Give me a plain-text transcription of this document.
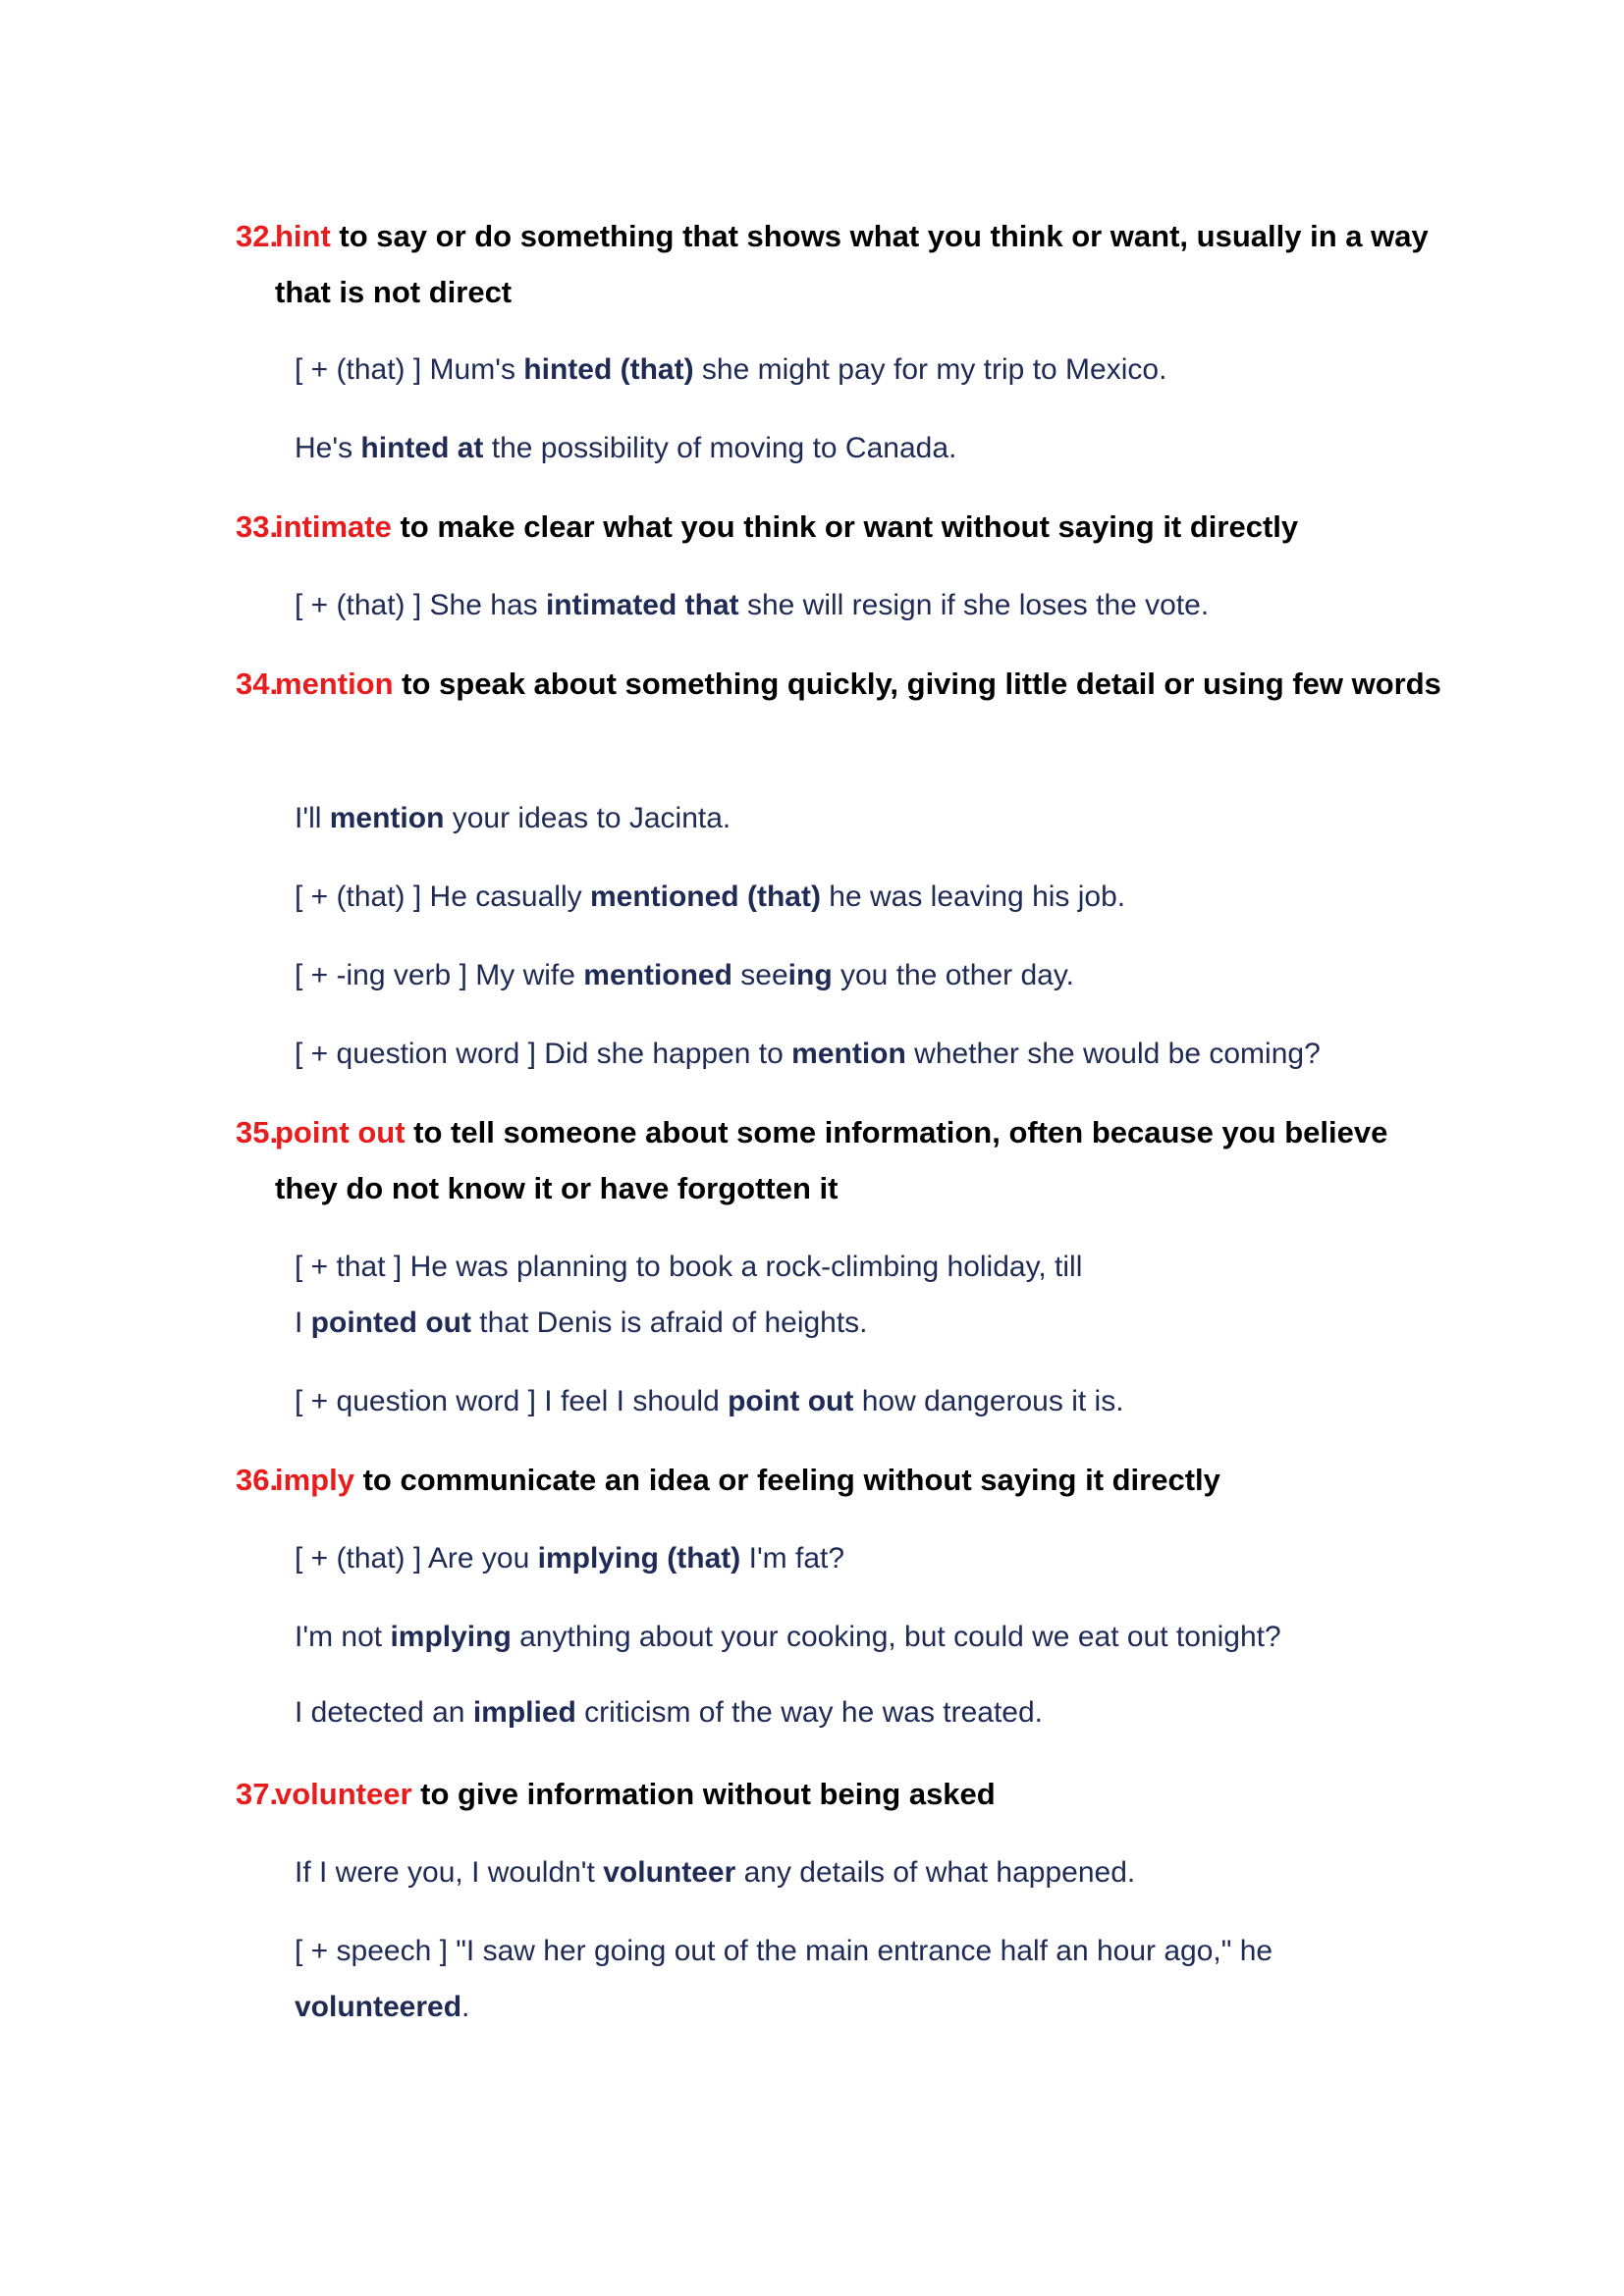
32.
hint to say or do something that shows what you think or want, usually in a way that is not direct
[ + (that) ] Mum's hinted (that) she might pay for my trip to Mexico.
He's hinted at the possibility of moving to Canada.
33.
intimate to make clear what you think or want without saying it directly
[ + (that) ] She has intimated that she will resign if she loses the vote.
34.
mention to speak about something quickly, giving little detail or using few words
I'll mention your ideas to Jacinta.
[ + (that) ] He casually mentioned (that) he was leaving his job.
[ + -ing verb ] My wife mentioned seeing you the other day.
[ + question word ] Did she happen to mention whether she would be coming?
35.
point out to tell someone about some information, often because you believe they do not know it or have forgotten it
[ + that ] He was planning to book a rock-climbing holiday, till
I pointed out that Denis is afraid of heights.
[ + question word ] I feel I should point out how dangerous it is.
36.
imply to communicate an idea or feeling without saying it directly
[ + (that) ] Are you implying (that) I'm fat?
I'm not implying anything about your cooking, but could we eat out tonight?
I detected an implied criticism of the way he was treated.
37.
volunteer to give information without being asked
If I were you, I wouldn't volunteer any details of what happened.
[ + speech ] "I saw her going out of the main entrance half an hour ago," he
volunteered.
